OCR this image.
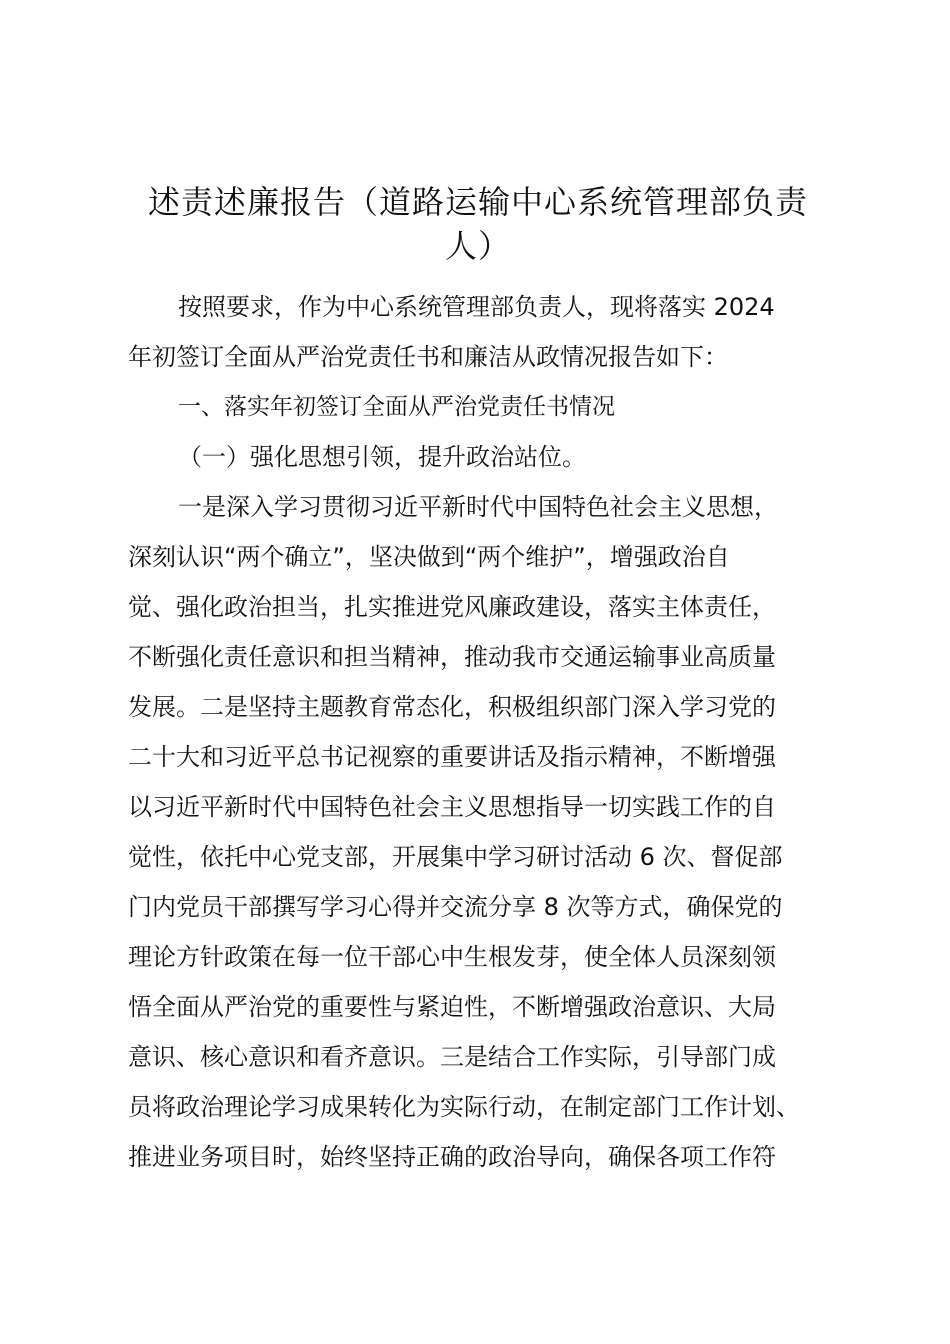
述责述廉报告（道路运输中心系统管理部负责
人）
按照要求，作为中心系统管理部负责人，现将落实 2024
年初签订全面从严治党责任书和廉洁从政情况报告如下：
一、落实年初签订全面从严治党责任书情况
（一）强化思想引领，提升政治站位。
一是深入学习贯彻习近平新时代中国特色社会主义思想，
深刻认识“两个确立”，坚决做到“两个维护”，增强政治自
觉、强化政治担当，扎实推进党风廉政建设，落实主体责任，
不断强化责任意识和担当精神，推动我市交通运输事业高质量
发展。二是坚持主题教育常态化，积极组织部门深入学习党的
二十大和习近平总书记视察的重要讲话及指示精神，不断增强
以习近平新时代中国特色社会主义思想指导一切实践工作的自
觉性，依托中心党支部，开展集中学习研讨活动 6 次、督促部
门内党员干部撰写学习心得并交流分享 8 次等方式，确保党的
理论方针政策在每一位干部心中生根发芽，使全体人员深刻领
悟全面从严治党的重要性与紧迫性，不断增强政治意识、大局
意识、核心意识和看齐意识。三是结合工作实际，引导部门成
员将政治理论学习成果转化为实际行动，在制定部门工作计划、
推进业务项目时，始终坚持正确的政治导向，确保各项工作符
